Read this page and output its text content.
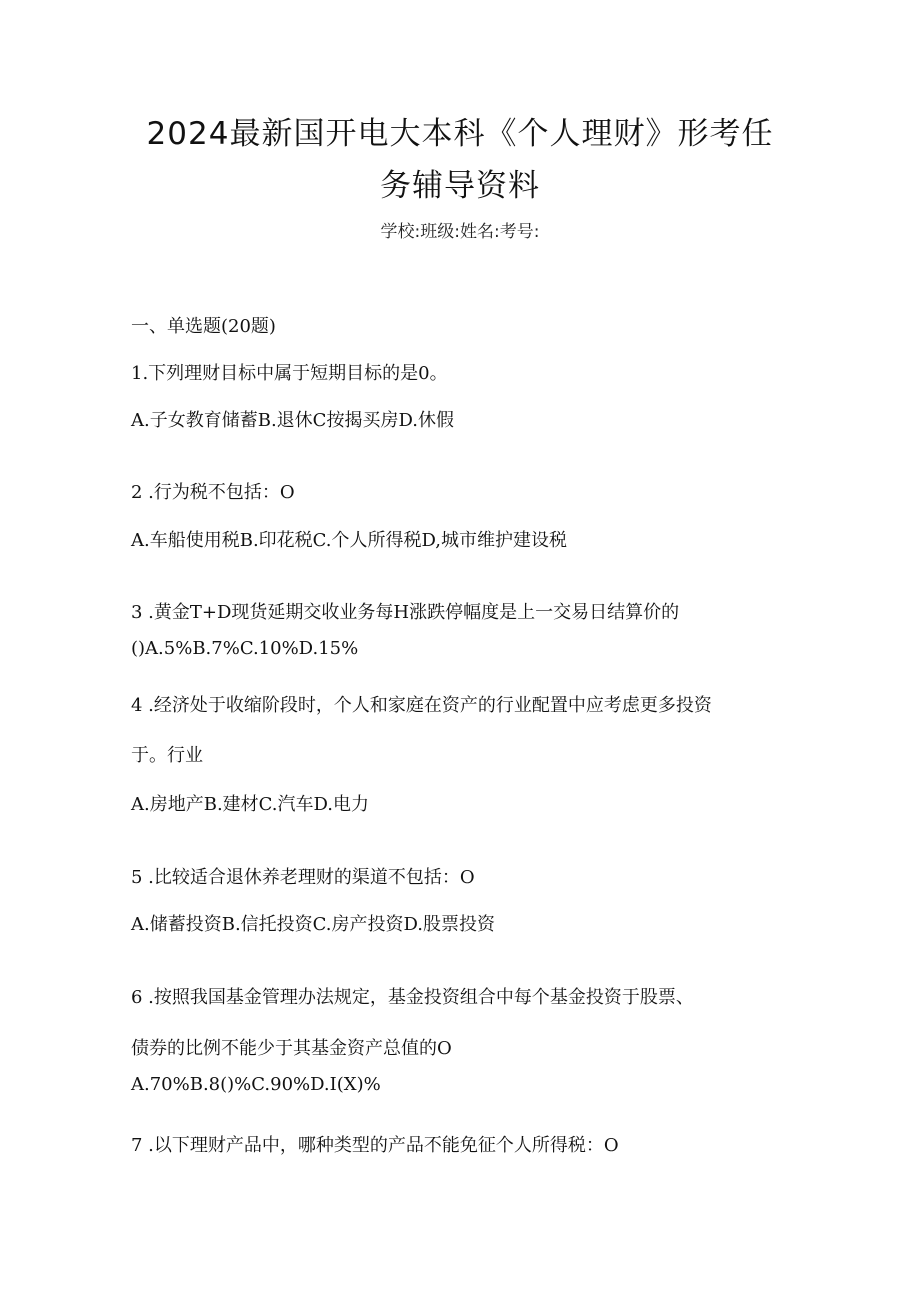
2024最新国开电大本科《个人理财》形考任
务辅导资料
学校:班级:姓名:考号:
一、单选题(20题)
1.下列理财目标中属于短期目标的是0。
A.子女教育储蓄B.退休C按揭买房D.休假
2 .行为税不包括：O
A.车船使用税B.印花税C.个人所得税D,城市维护建设税
3 .黄金T+D现货延期交收业务每H涨跌停幅度是上一交易日结算价的
()A.5%B.7%C.10%D.15%
4 .经济处于收缩阶段时，个人和家庭在资产的行业配置中应考虑更多投资
于。行业
A.房地产B.建材C.汽车D.电力
5 .比较适合退休养老理财的渠道不包括：O
A.储蓄投资B.信托投资C.房产投资D.股票投资
6 .按照我国基金管理办法规定，基金投资组合中每个基金投资于股票、
债券的比例不能少于其基金资产总值的O
A.70%B.8()%C.90%D.I(X)%
7 .以下理财产品中，哪种类型的产品不能免征个人所得税：O
